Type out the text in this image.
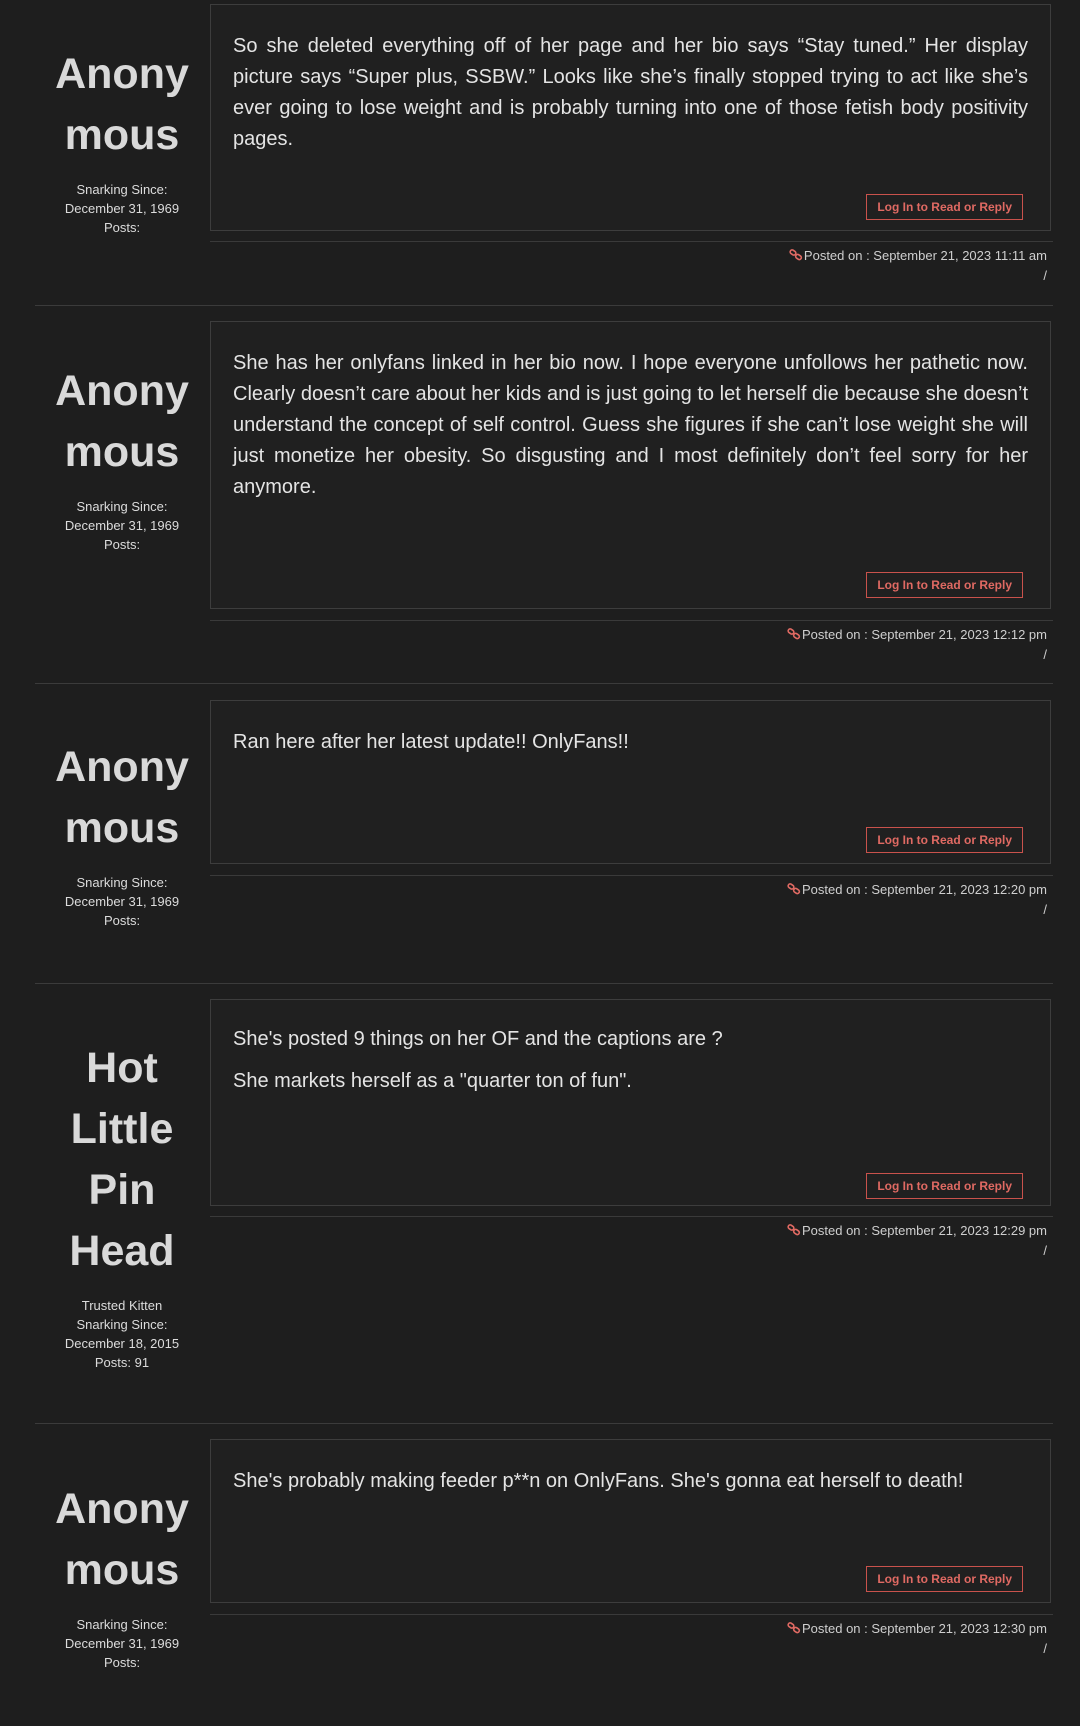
Anonymous
Snarking Since:
December 31, 1969
Posts:

So she deleted everything off of her page and her bio says “Stay tuned.” Her display picture says “Super plus, SSBW.” Looks like she’s finally stopped trying to act like she’s ever going to lose weight and is probably turning into one of those fetish body positivity pages.

Log In to Read or Reply
Posted on : September 21, 2023 11:11 am
/
Anonymous
Snarking Since:
December 31, 1969
Posts:

She has her onlyfans linked in her bio now. I hope everyone unfollows her pathetic now. Clearly doesn’t care about her kids and is just going to let herself die because she doesn’t understand the concept of self control. Guess she figures if she can’t lose weight she will just monetize her obesity. So disgusting and I most definitely don’t feel sorry for her anymore.

Log In to Read or Reply
Posted on : September 21, 2023 12:12 pm
/
Anonymous
Snarking Since:
December 31, 1969
Posts:

Ran here after her latest update!! OnlyFans!!

Log In to Read or Reply
Posted on : September 21, 2023 12:20 pm
/
Hot Little Pin Head
Trusted Kitten
Snarking Since:
December 18, 2015
Posts: 91

She's posted 9 things on her OF and the captions are ?

She markets herself as a "quarter ton of fun".

Log In to Read or Reply
Posted on : September 21, 2023 12:29 pm
/
Anonymous
Snarking Since:
December 31, 1969
Posts:

She's probably making feeder p**n on OnlyFans. She's gonna eat herself to death!

Log In to Read or Reply
Posted on : September 21, 2023 12:30 pm
/
